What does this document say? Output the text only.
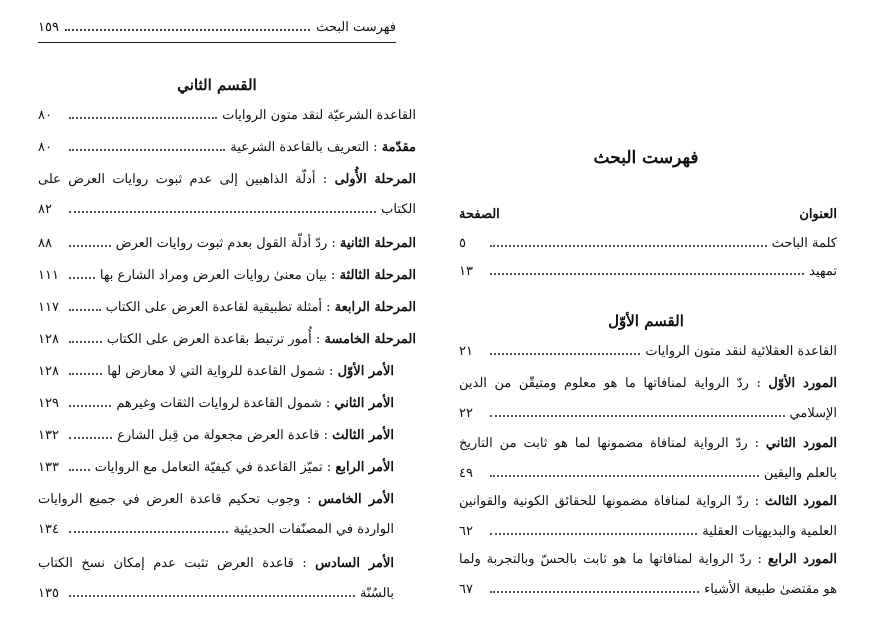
فهرست البحث
١٥٩
القسم الثاني
القاعدة الشرعيّة لنقد متون الروايات
٨٠
مقدّمة : التعريف بالقاعدة الشرعية
٨٠
المرحلة الأُولى : أدلّة الذاهبين إلى عدم ثبوت روايات العرض على
الكتاب
٨٢
المرحلة الثانية : ردّ أدلّة القول بعدم ثبوت روايات العرض
٨٨
المرحلة الثالثة : بيان معنىٰ روايات العرض ومراد الشارع بها
١١١
المرحلة الرابعة : أمثلة تطبيقية لقاعدة العرض على الكتاب
١١٧
المرحلة الخامسة : أُمور ترتبط بقاعدة العرض على الكتاب
١٢٨
الأمر الأوّل : شمول القاعدة للرواية التي لا معارض لها
١٢٨
الأمر الثاني : شمول القاعدة لروايات الثقات وغيرهم
١٢٩
الأمر الثالث : قاعدة العرض مجعولة من قِبل الشارع
١٣٢
الأمر الرابع : تميّز القاعدة في كيفيّة التعامل مع الروايات
١٣٣
الأمر الخامس : وجوب تحكيم قاعدة العرض في جميع الروايات
الواردة في المصنّفات الحديثية
١٣٤
الأمر السادس : قاعدة العرض تثبت عدم إمكان نسخ الكتاب
بالسُنّة
١٣٥
فهرست البحث
العنوان
الصفحة
كلمة الباحث
٥
تمهيد
١٣
القسم الأوّل
القاعدة العقلائية لنقد متون الروايات
٢١
المورد الأوّل : ردّ الرواية لمنافاتها ما هو معلوم ومتيقّن من الدين
الإسلامي
٢٢
المورد الثاني : ردّ الرواية لمنافاة مضمونها لما هو ثابت من التاريخ
بالعلم واليقين
٤٩
المورد الثالث : ردّ الرواية لمنافاة مضمونها للحقائق الكونية والقوانين
العلمية والبديهيات العقلية
٦٢
المورد الرابع : ردّ الرواية لمنافاتها ما هو ثابت بالحسّ وبالتجربة ولما
هو مقتضىٰ طبيعة الأشياء
٦٧
